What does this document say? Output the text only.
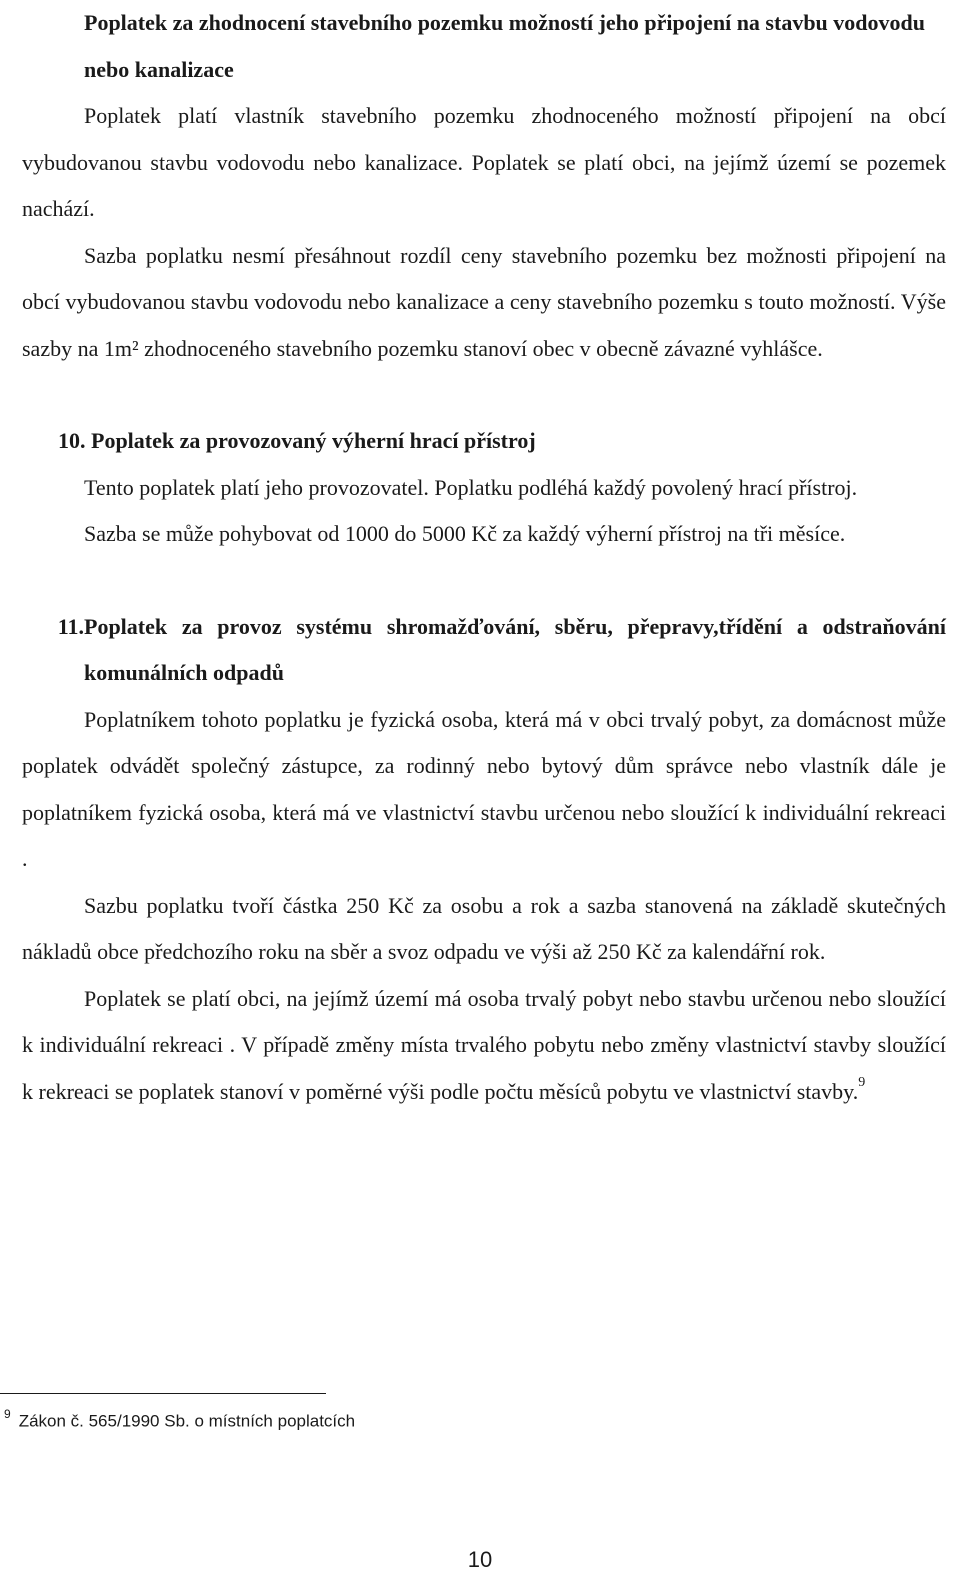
Poplatek za zhodnocení stavebního pozemku možností jeho připojení na stavbu vodovodu nebo kanalizace

Poplatek platí vlastník stavebního pozemku zhodnoceného možností připojení na obcí vybudovanou stavbu vodovodu nebo kanalizace. Poplatek se platí obci, na jejímž území se pozemek nachází.

Sazba poplatku nesmí přesáhnout rozdíl ceny stavebního pozemku bez možnosti připojení na obcí vybudovanou stavbu vodovodu nebo kanalizace a ceny stavebního pozemku s touto možností. Výše sazby na 1m² zhodnoceného stavebního pozemku stanoví obec v obecně závazné vyhlášce.

10. Poplatek za provozovaný výherní hrací přístroj

Tento poplatek platí jeho provozovatel. Poplatku podléhá každý povolený hrací přístroj.

Sazba se může pohybovat od 1000 do 5000 Kč za každý výherní přístroj na tři měsíce.

11.Poplatek za provoz systému shromažďování, sběru, přepravy,třídění a odstraňování komunálních odpadů

Poplatníkem tohoto poplatku je fyzická osoba, která má v obci trvalý pobyt, za domácnost může poplatek odvádět společný zástupce, za rodinný nebo bytový dům správce nebo vlastník dále je poplatníkem fyzická osoba, která má ve vlastnictví stavbu určenou nebo sloužící k individuální rekreaci .

Sazbu poplatku tvoří částka 250 Kč za osobu a rok a sazba stanovená na základě skutečných nákladů obce předchozího roku na sběr a svoz odpadu ve výši až 250 Kč za kalendářní rok.

Poplatek se platí obci, na jejímž území má osoba trvalý pobyt nebo stavbu určenou nebo sloužící k individuální rekreaci . V případě změny místa trvalého pobytu nebo změny vlastnictví stavby sloužící k rekreaci se poplatek stanoví v poměrné výši podle počtu měsíců pobytu ve vlastnictví stavby.$^9$

$^9$ Zákon č. 565/1990 Sb. o místních poplatcích
10
